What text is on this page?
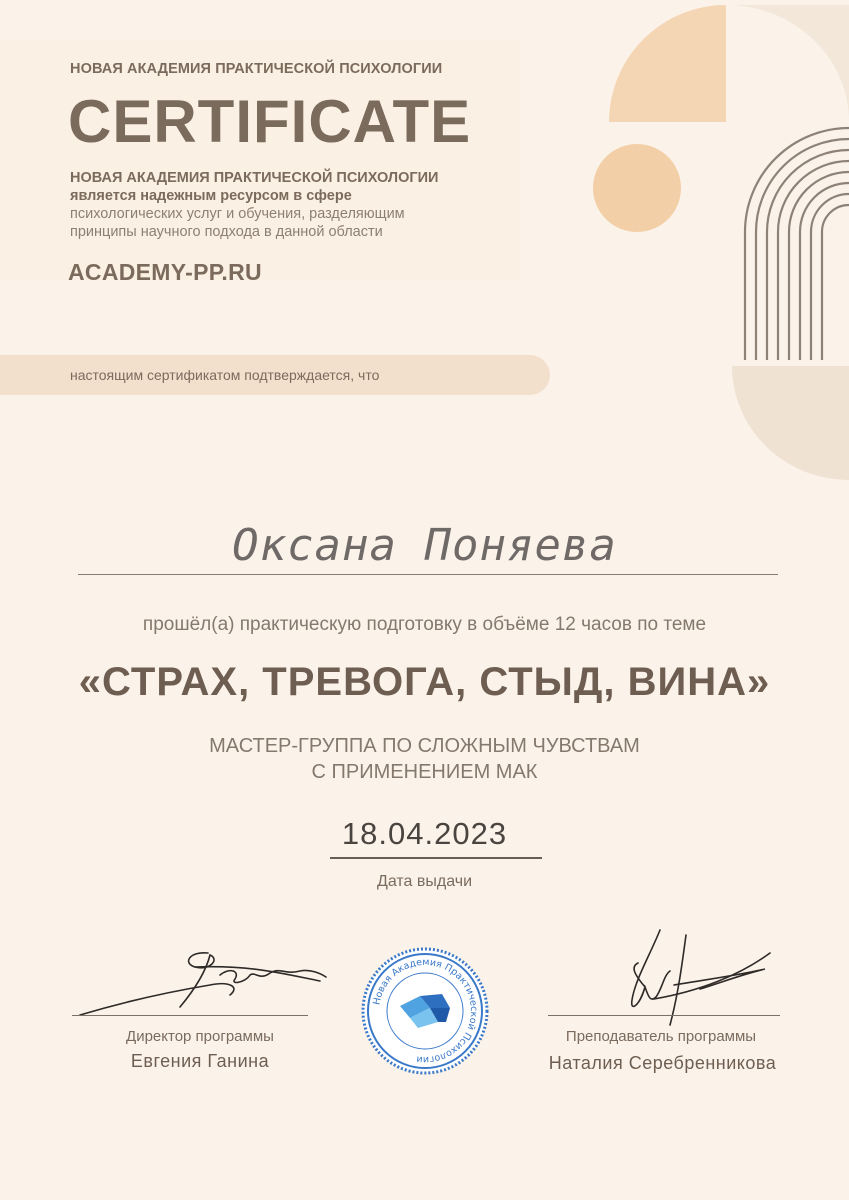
НОВАЯ АКАДЕМИЯ ПРАКТИЧЕСКОЙ ПСИХОЛОГИИ
CERTIFICATE
НОВАЯ АКАДЕМИЯ ПРАКТИЧЕСКОЙ ПСИХОЛОГИИ
является надежным ресурсом в сфере
психологических услуг и обучения, разделяющим
принципы научного подхода в данной области
ACADEMY-PP.RU
настоящим сертификатом подтверждается, что
Оксана Поняева
прошёл(а) практическую подготовку в объёме 12 часов по теме
«СТРАХ, ТРЕВОГА, СТЫД, ВИНА»
МАСТЕР-ГРУППА ПО СЛОЖНЫМ ЧУВСТВАМ
С ПРИМЕНЕНИЕМ МАК
18.04.2023
Дата выдачи
Директор программы
Евгения Ганина
Новая Академия Практической Психологии
Преподаватель программы
Наталия Серебренникова
